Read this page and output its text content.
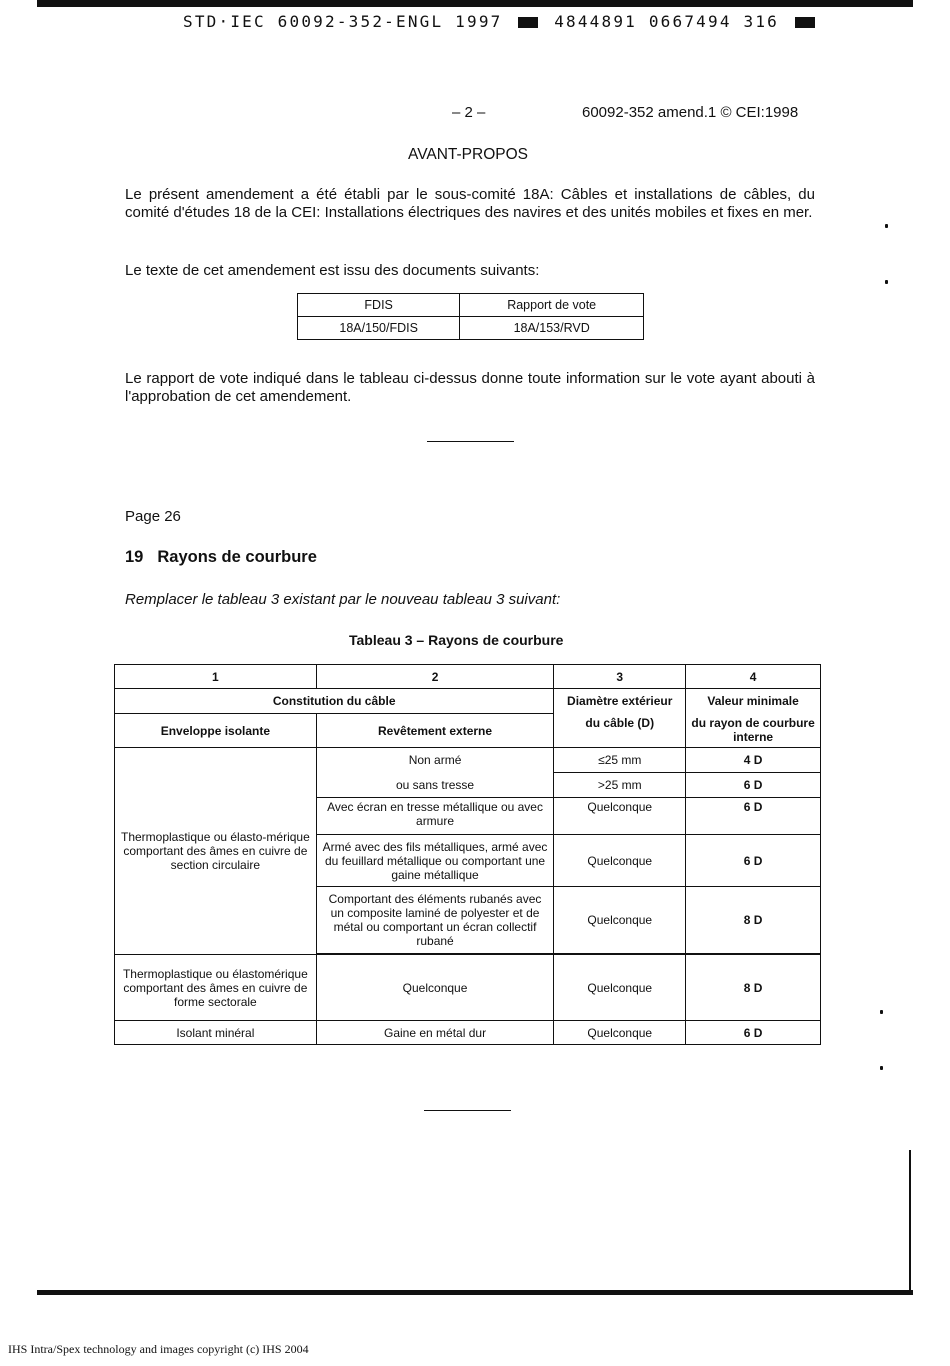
STD·IEC 60092-352-ENGL 1997	4844891 0667494 316
– 2 –	60092-352 amend.1 © CEI:1998
AVANT-PROPOS
Le présent amendement a été établi par le sous-comité 18A: Câbles et installations de câbles, du comité d'études 18 de la CEI: Installations électriques des navires et des unités mobiles et fixes en mer.
Le texte de cet amendement est issu des documents suivants:
FDIS	Rapport de vote
18A/150/FDIS	18A/153/RVD
Le rapport de vote indiqué dans le tableau ci-dessus donne toute information sur le vote ayant abouti à l'approbation de cet amendement.
Page 26
19 Rayons de courbure
Remplacer le tableau 3 existant par le nouveau tableau 3 suivant:
Tableau 3 – Rayons de courbure
1	2	3	4
Constitution du câble		Diamètre extérieur	Valeur minimale
Enveloppe isolante	Revêtement externe	du câble (D)	du rayon de courbure interne
Thermoplastique ou élasto-mérique comportant des âmes en cuivre de section circulaire	Non armé	≤25 mm	4 D
	ou sans tresse	>25 mm	6 D
	Avec écran en tresse métallique ou avec armure	Quelconque	6 D
	Armé avec des fils métalliques, armé avec du feuillard métallique ou comportant une gaine métallique	Quelconque	6 D
	Comportant des éléments rubanés avec un composite laminé de polyester et de métal ou comportant un écran collectif rubané	Quelconque	8 D

Thermoplastique ou élastomérique comportant des âmes en cuivre de forme sectorale	Quelconque	Quelconque	8 D
Isolant minéral	Gaine en métal dur	Quelconque	6 D
IHS Intra/Spex technology and images copyright (c) IHS 2004
